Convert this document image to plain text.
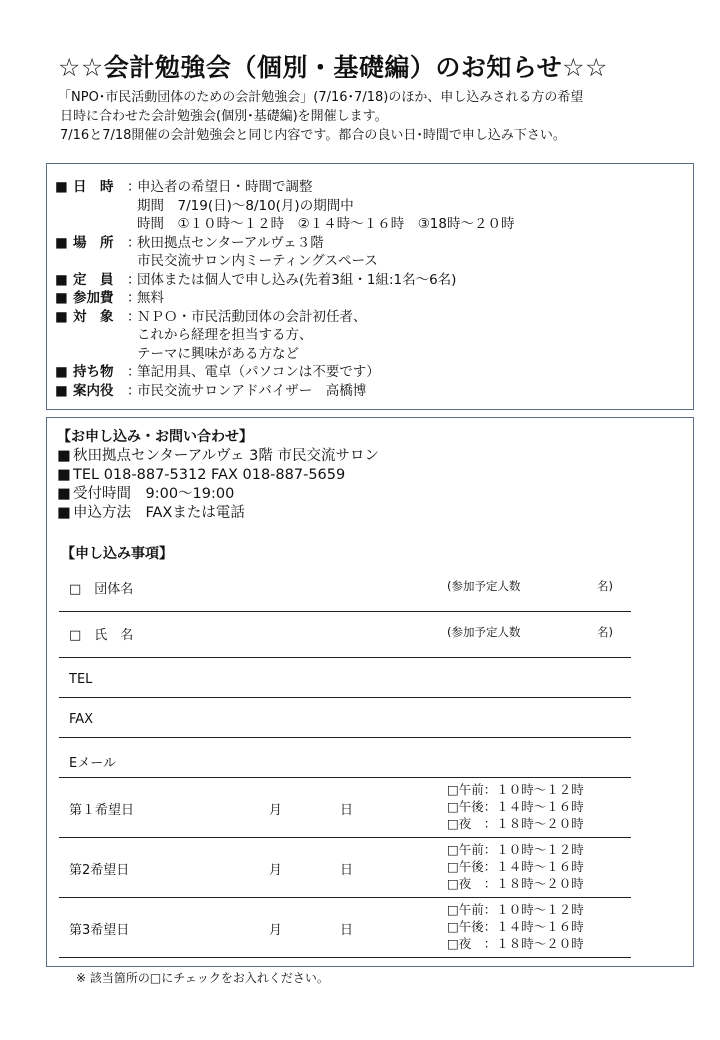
☆☆会計勉強会（個別・基礎編）のお知らせ☆☆
「NPO･市民活動団体のための会計勉強会」(7/16･7/18)のほか、申し込みされる方の希望
日時に合わせた会計勉強会(個別･基礎編)を開催します。
7/16と7/18開催の会計勉強会と同じ内容です。都合の良い日･時間で申し込み下さい。
■ 日　時 ：
申込者の希望日・時間で調整
期間　7/19(日)～8/10(月)の期間中
時間　①１０時～１２時　②１４時～１６時　③18時～２０時
■ 場　所 ：
秋田拠点センターアルヴェ３階
市民交流サロン内ミーティングスペース
■ 定　員 ：
団体または個人で申し込み(先着3組・1組:1名～6名)
■ 参加費 ：
無料
■ 対　象 ：
ＮＰＯ・市民活動団体の会計初任者、
これから経理を担当する方、
テーマに興味がある方など
■ 持ち物 ：
筆記用具、電卓（パソコンは不要です）
■ 案内役 ：
市民交流サロンアドバイザー　高橋博
【お申し込み・お問い合わせ】
■ 秋田拠点センターアルヴェ 3階 市民交流サロン
■ TEL 018-887-5312 FAX 018-887-5659
■ 受付時間　9:00～19:00
■ 申込方法　FAXまたは電話
【申し込み事項】
□　団体名	(参加予定人数	名)
□　氏　名	(参加予定人数	名)
TEL
FAX
Eメール
第１希望日	月	日
□午前：１０時～１２時
□午後：１４時～１６時
□夜　：１８時～２０時
第2希望日	月	日
□午前：１０時～１２時
□午後：１４時～１６時
□夜　：１８時～２０時
第3希望日	月	日
□午前：１０時～１２時
□午後：１４時～１６時
□夜　：１８時～２０時
※ 該当箇所の□にチェックをお入れください。
